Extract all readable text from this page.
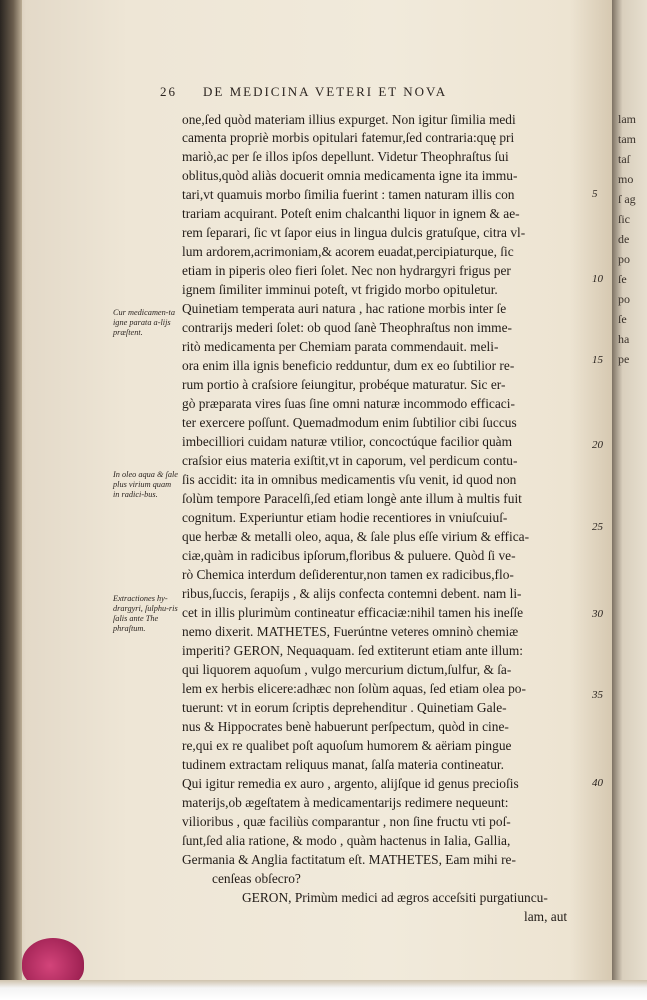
26 DE MEDICINA VETERI ET NOVA
one,ſed quòd materiam illius expurget. Non igitur ſimilia medi
camenta propriè morbis opitulari fatemur,ſed contraria:quę pri
mariò,ac per ſe illos ipſos depellunt. Videtur Theophraſtus ſui
oblitus,quòd aliàs docuerit omnia medicamenta igne ita immu-
tari,vt quamuis morbo ſimilia fuerint : tamen naturam illis con
trariam acquirant. Poteſt enim chalcanthi liquor in ignem & ae-
rem ſeparari, ſic vt ſapor eius in lingua dulcis gratuſque, citra vl-
lum ardorem,acrimoniam,& acorem euadat,percipiaturque, ſic
etiam in piperis oleo fieri ſolet. Nec non hydrargyri frigus per
ignem ſimiliter imminui poteſt, vt frigido morbo opituletur.
Quinetiam temperata auri natura , hac ratione morbis inter ſe
contrarijs mederi ſolet: ob quod ſanè Theophraſtus non imme-
ritò medicamenta per Chemiam parata commendauit. meli-
ora enim illa ignis beneficio redduntur, dum ex eo ſubtilior re-
rum portio à craſsiore ſeiungitur, probéque maturatur. Sic er-
gò præparata vires ſuas ſine omni naturæ incommodo efficaci-
ter exercere poſſunt. Quemadmodum enim ſubtilior cibi ſuccus
imbecilliori cuidam naturæ vtilior, concoctúque facilior quàm
craſsior eius materia exiſtit,vt in caporum, vel perdicum contu-
ſis accidit: ita in omnibus medicamentis vſu venit, id quod non
ſolùm tempore Paracelſi,ſed etiam longè ante illum à multis fuit
cognitum. Experiuntur etiam hodie recentiores in vniuſcuiuſ-
que herbæ & metalli oleo, aqua, & ſale plus eſſe virium & effica-
ciæ,quàm in radicibus ipſorum,floribus & puluere. Quòd ſi ve-
rò Chemica interdum deſiderentur,non tamen ex radicibus,flo-
ribus,ſuccis, ſerapijs , & alijs confecta contemni debent. nam li-
cet in illis plurimùm contineatur efficaciæ:nihil tamen his ineſſe
nemo dixerit. MATHETES, Fuerúntne veteres omninò chemiæ
imperiti? GERON, Nequaquam. ſed extiterunt etiam ante illum:
qui liquorem aquoſum , vulgo mercurium dictum,ſulfur, & ſa-
lem ex herbis elicere:adhæc non ſolùm aquas, ſed etiam olea po-
tuerunt: vt in eorum ſcriptis deprehenditur . Quinetiam Gale-
nus & Hippocrates benè habuerunt perſpectum, quòd in cine-
re,qui ex re qualibet poſt aquoſum humorem & aëriam pingue
tudinem extractam reliquus manat, ſalſa materia contineatur.
Qui igitur remedia ex auro , argento, alijſque id genus precioſis
materijs,ob ægeſtatem à medicamentarijs redimere nequeunt:
vilioribus , quæ faciliùs comparantur , non ſine fructu vti poſ-
ſunt,ſed alia ratione, & modo , quàm hactenus in Ialia, Gallia,
Germania & Anglia factitatum eſt. MATHETES, Eam mihi re-
cenſeas obſecro?
GERON, Primùm medici ad ægros acceſsiti purgatiuncu-
lam, aut
5
10
15
20
25
30
35
40
Cur medicamen-ta igne parata a-lijs præſtent.
In oleo aqua & ſale plus virium quam in radici-bus.
Extractiones hy-drargyri, ſulphu-ris ſalis ante The phraſtum.
lam
tam
taſ
mo
ſ ag
ſic
de
po
ſe
po
ſe
ha
pe
